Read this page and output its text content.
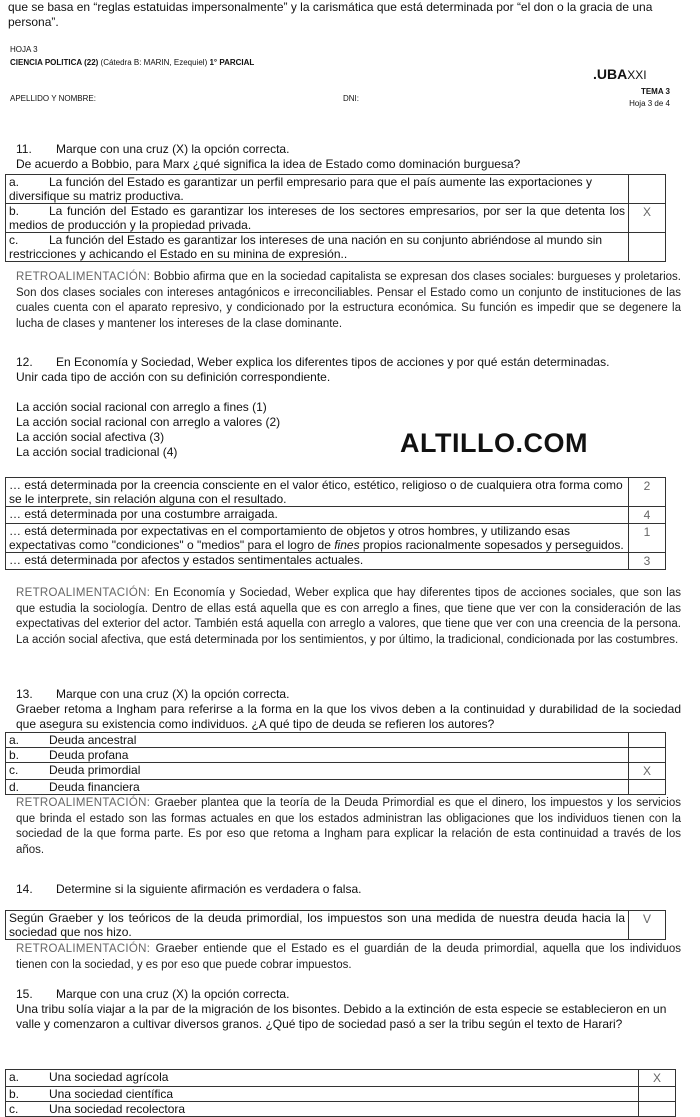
que se basa en “reglas estatuidas impersonalmente” y la carismática que está determinada por “el don o la gracia de una persona”.
HOJA 3
CIENCIA POLITICA (22) (Cátedra B: MARIN, Ezequiel) 1° PARCIAL
.UBAXXI
APELLIDO Y NOMBRE:	DNI:
TEMA 3
Hoja 3 de 4
11. Marque con una cruz (X) la opción correcta.
De acuerdo a Bobbio, para Marx ¿qué significa la idea de Estado como dominación burguesa?
a. La función del Estado es garantizar un perfil empresario para que el país aumente las exportaciones y diversifique su matriz productiva.	
b. La función del Estado es garantizar los intereses de los sectores empresarios, por ser la que detenta los medios de producción y la propiedad privada.	X
c. La función del Estado es garantizar los intereses de una nación en su conjunto abriéndose al mundo sin restricciones y achicando el Estado en su minina de expresión..	
RETROALIMENTACIÓN: Bobbio afirma que en la sociedad capitalista se expresan dos clases sociales: burgueses y proletarios. Son dos clases sociales con intereses antagónicos e irreconciliables. Pensar el Estado como un conjunto de instituciones de las cuales cuenta con el aparato represivo, y condicionado por la estructura económica. Su función es impedir que se degenere la lucha de clases y mantener los intereses de la clase dominante.
12. En Economía y Sociedad, Weber explica los diferentes tipos de acciones y por qué están determinadas.
Unir cada tipo de acción con su definición correspondiente.
La acción social racional con arreglo a fines (1)
La acción social racional con arreglo a valores (2)
La acción social afectiva (3)
La acción social tradicional (4)	ALTILLO.COM
… está determinada por la creencia consciente en el valor ético, estético, religioso o de cualquiera otra forma como se le interprete, sin relación alguna con el resultado.	2
… está determinada por una costumbre arraigada.	4
… está determinada por expectativas en el comportamiento de objetos y otros hombres, y utilizando esas expectativas como "condiciones" o "medios" para el logro de fines propios racionalmente sopesados y perseguidos.	1
… está determinada por afectos y estados sentimentales actuales.	3
RETROALIMENTACIÓN: En Economía y Sociedad, Weber explica que hay diferentes tipos de acciones sociales, que son las que estudia la sociología. Dentro de ellas está aquella que es con arreglo a fines, que tiene que ver con la consideración de las expectativas del exterior del actor. También está aquella con arreglo a valores, que tiene que ver con una creencia de la persona. La acción social afectiva, que está determinada por los sentimientos, y por último, la tradicional, condicionada por las costumbres.
13. Marque con una cruz (X) la opción correcta.
Graeber retoma a Ingham para referirse a la forma en la que los vivos deben a la continuidad y durabilidad de la sociedad que asegura su existencia como individuos. ¿A qué tipo de deuda se refieren los autores?
a. Deuda ancestral	
b. Deuda profana	
c. Deuda primordial	X
d. Deuda financiera	
RETROALIMENTACIÓN: Graeber plantea que la teoría de la Deuda Primordial es que el dinero, los impuestos y los servicios que brinda el estado son las formas actuales en que los estados administran las obligaciones que los individuos tienen con la sociedad de la que forma parte. Es por eso que retoma a Ingham para explicar la relación de esta continuidad a través de los años.
14. Determine si la siguiente afirmación es verdadera o falsa.
Según Graeber y los teóricos de la deuda primordial, los impuestos son una medida de nuestra deuda hacia la sociedad que nos hizo.	V
RETROALIMENTACIÓN: Graeber entiende que el Estado es el guardián de la deuda primordial, aquella que los individuos tienen con la sociedad, y es por eso que puede cobrar impuestos.
15. Marque con una cruz (X) la opción correcta.
Una tribu solía viajar a la par de la migración de los bisontes. Debido a la extinción de esta especie se establecieron en un valle y comenzaron a cultivar diversos granos. ¿Qué tipo de sociedad pasó a ser la tribu según el texto de Harari?
a. Una sociedad agrícola	X
b. Una sociedad científica	
c. Una sociedad recolectora	
